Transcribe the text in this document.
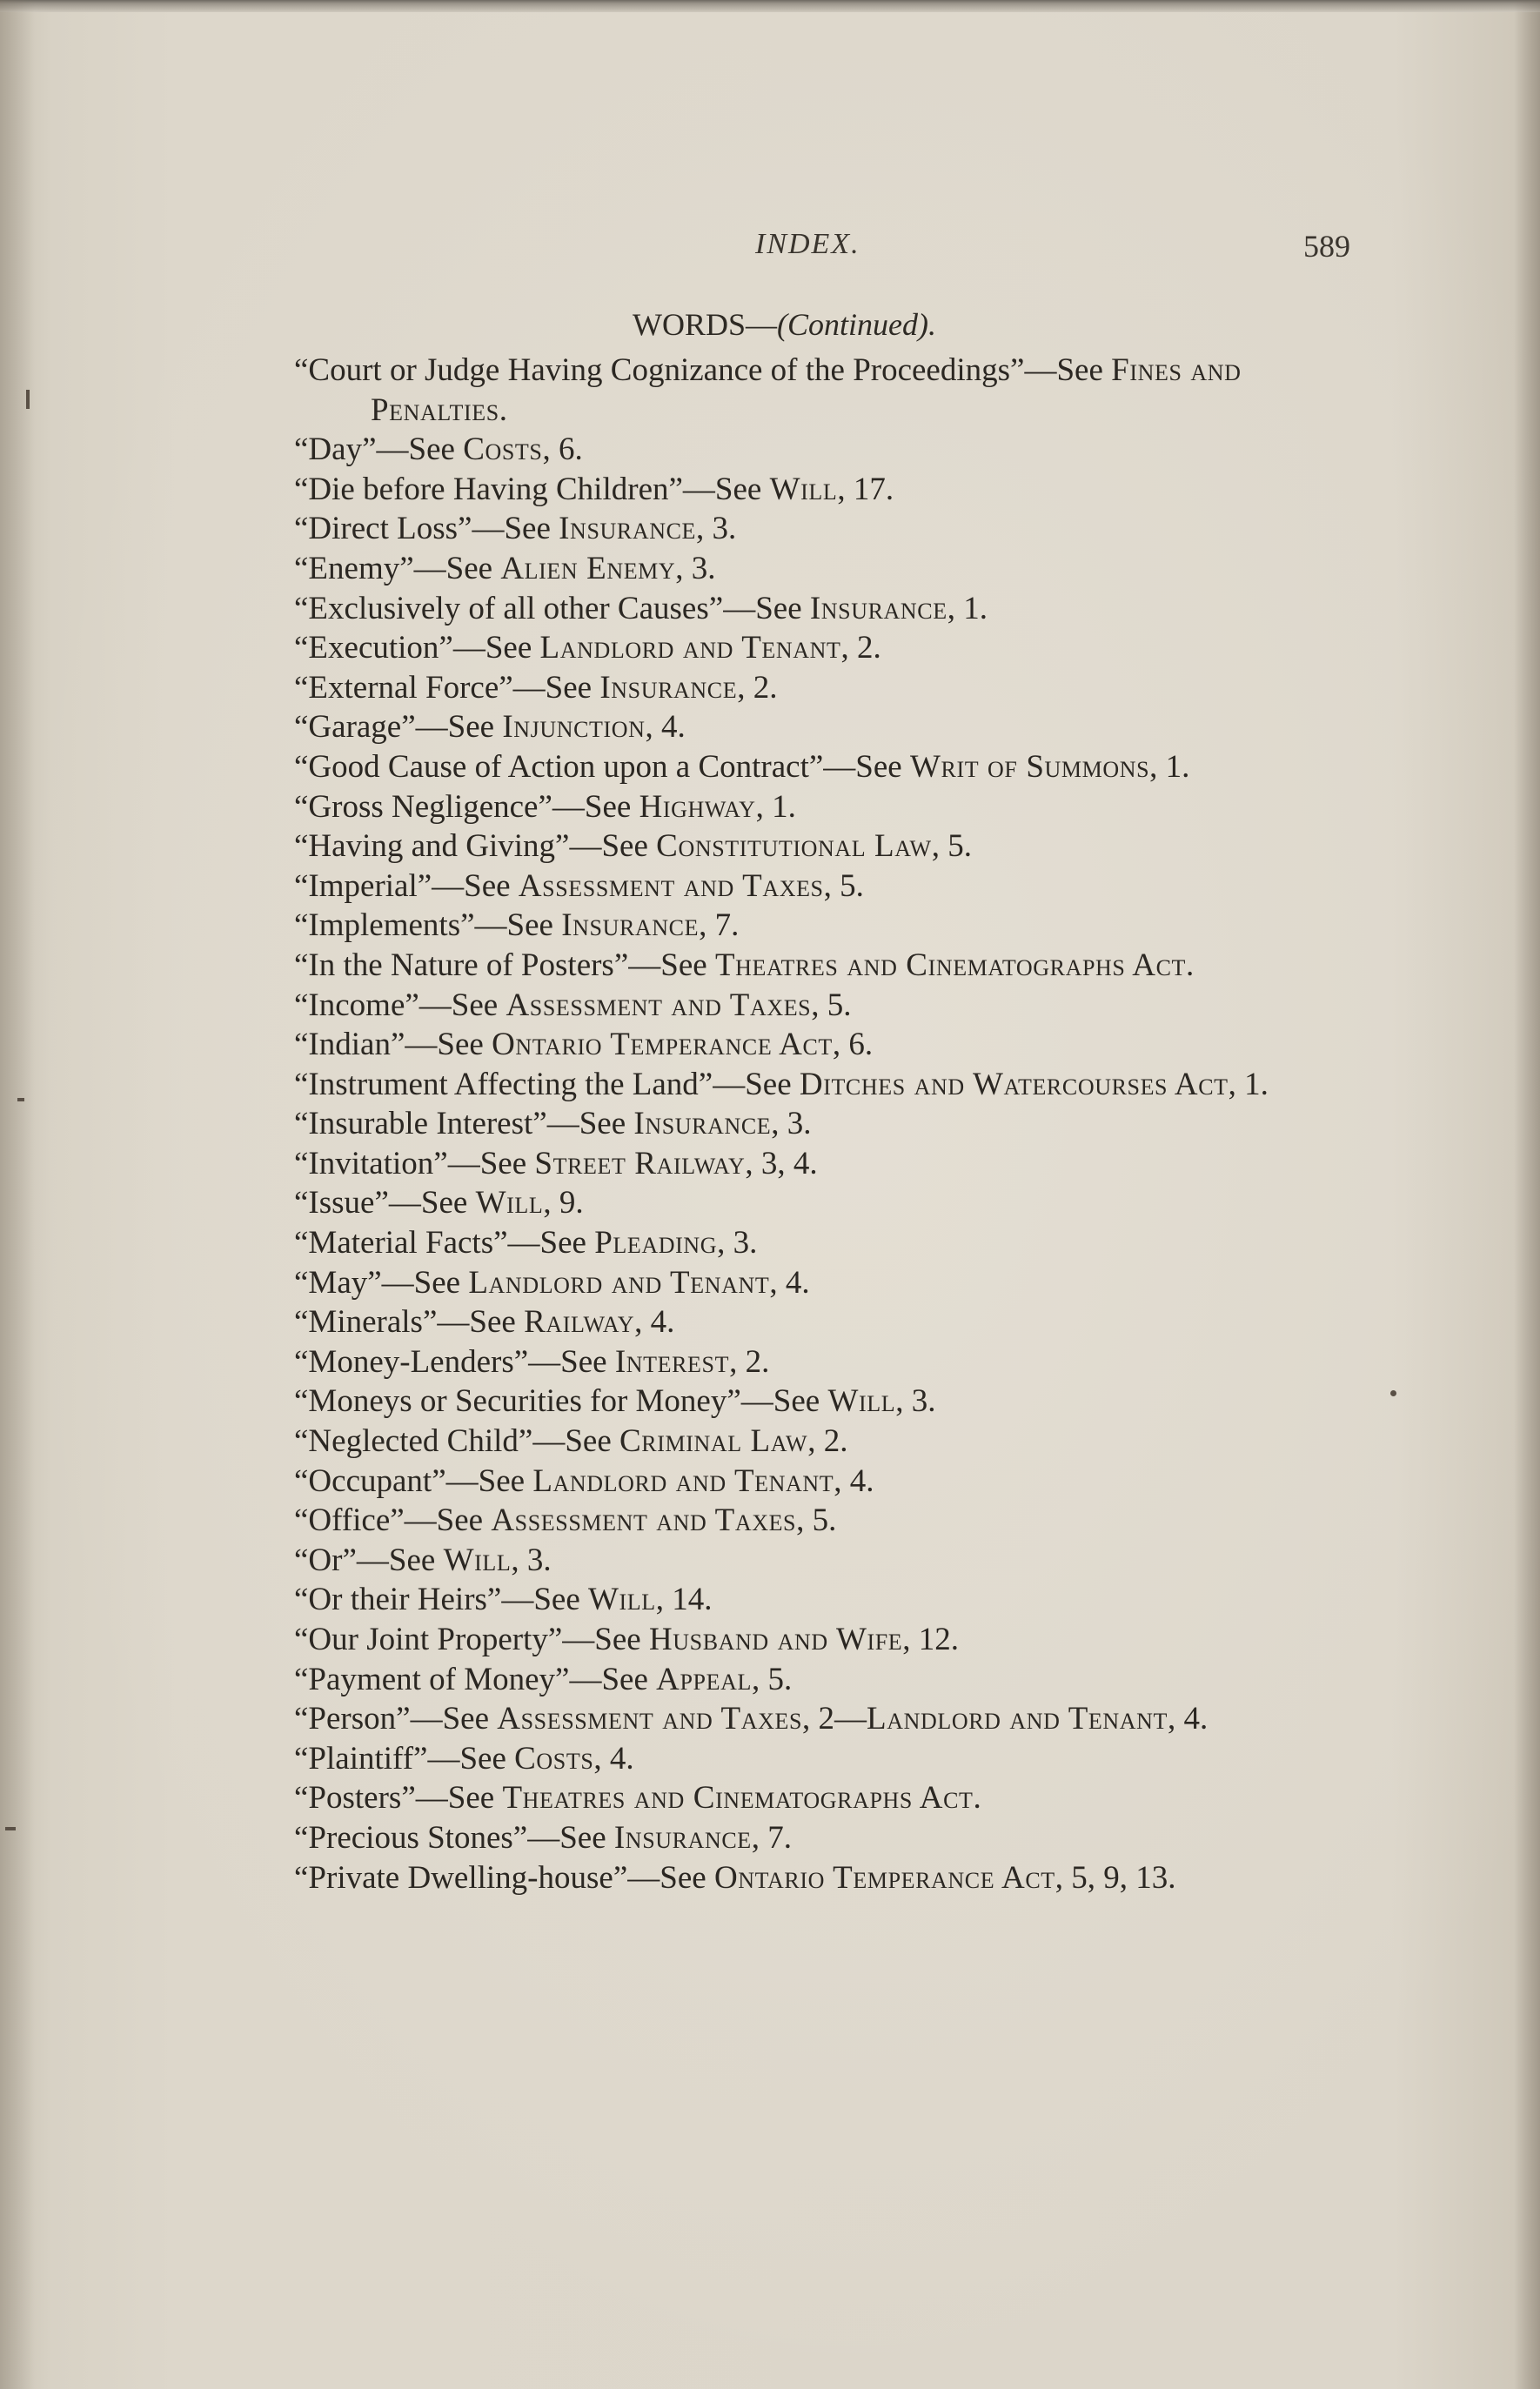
INDEX.	589
WORDS—(Continued).
“Court or Judge Having Cognizance of the Proceedings”—See Fines and Penalties.
“Day”—See Costs, 6.
“Die before Having Children”—See Will, 17.
“Direct Loss”—See Insurance, 3.
“Enemy”—See Alien Enemy, 3.
“Exclusively of all other Causes”—See Insurance, 1.
“Execution”—See Landlord and Tenant, 2.
“External Force”—See Insurance, 2.
“Garage”—See Injunction, 4.
“Good Cause of Action upon a Contract”—See Writ of Summons, 1.
“Gross Negligence”—See Highway, 1.
“Having and Giving”—See Constitutional Law, 5.
“Imperial”—See Assessment and Taxes, 5.
“Implements”—See Insurance, 7.
“In the Nature of Posters”—See Theatres and Cinematographs Act.
“Income”—See Assessment and Taxes, 5.
“Indian”—See Ontario Temperance Act, 6.
“Instrument Affecting the Land”—See Ditches and Watercourses Act, 1.
“Insurable Interest”—See Insurance, 3.
“Invitation”—See Street Railway, 3, 4.
“Issue”—See Will, 9.
“Material Facts”—See Pleading, 3.
“May”—See Landlord and Tenant, 4.
“Minerals”—See Railway, 4.
“Money-Lenders”—See Interest, 2.
“Moneys or Securities for Money”—See Will, 3.
“Neglected Child”—See Criminal Law, 2.
“Occupant”—See Landlord and Tenant, 4.
“Office”—See Assessment and Taxes, 5.
“Or”—See Will, 3.
“Or their Heirs”—See Will, 14.
“Our Joint Property”—See Husband and Wife, 12.
“Payment of Money”—See Appeal, 5.
“Person”—See Assessment and Taxes, 2—Landlord and Tenant, 4.
“Plaintiff”—See Costs, 4.
“Posters”—See Theatres and Cinematographs Act.
“Precious Stones”—See Insurance, 7.
“Private Dwelling-house”—See Ontario Temperance Act, 5, 9, 13.
